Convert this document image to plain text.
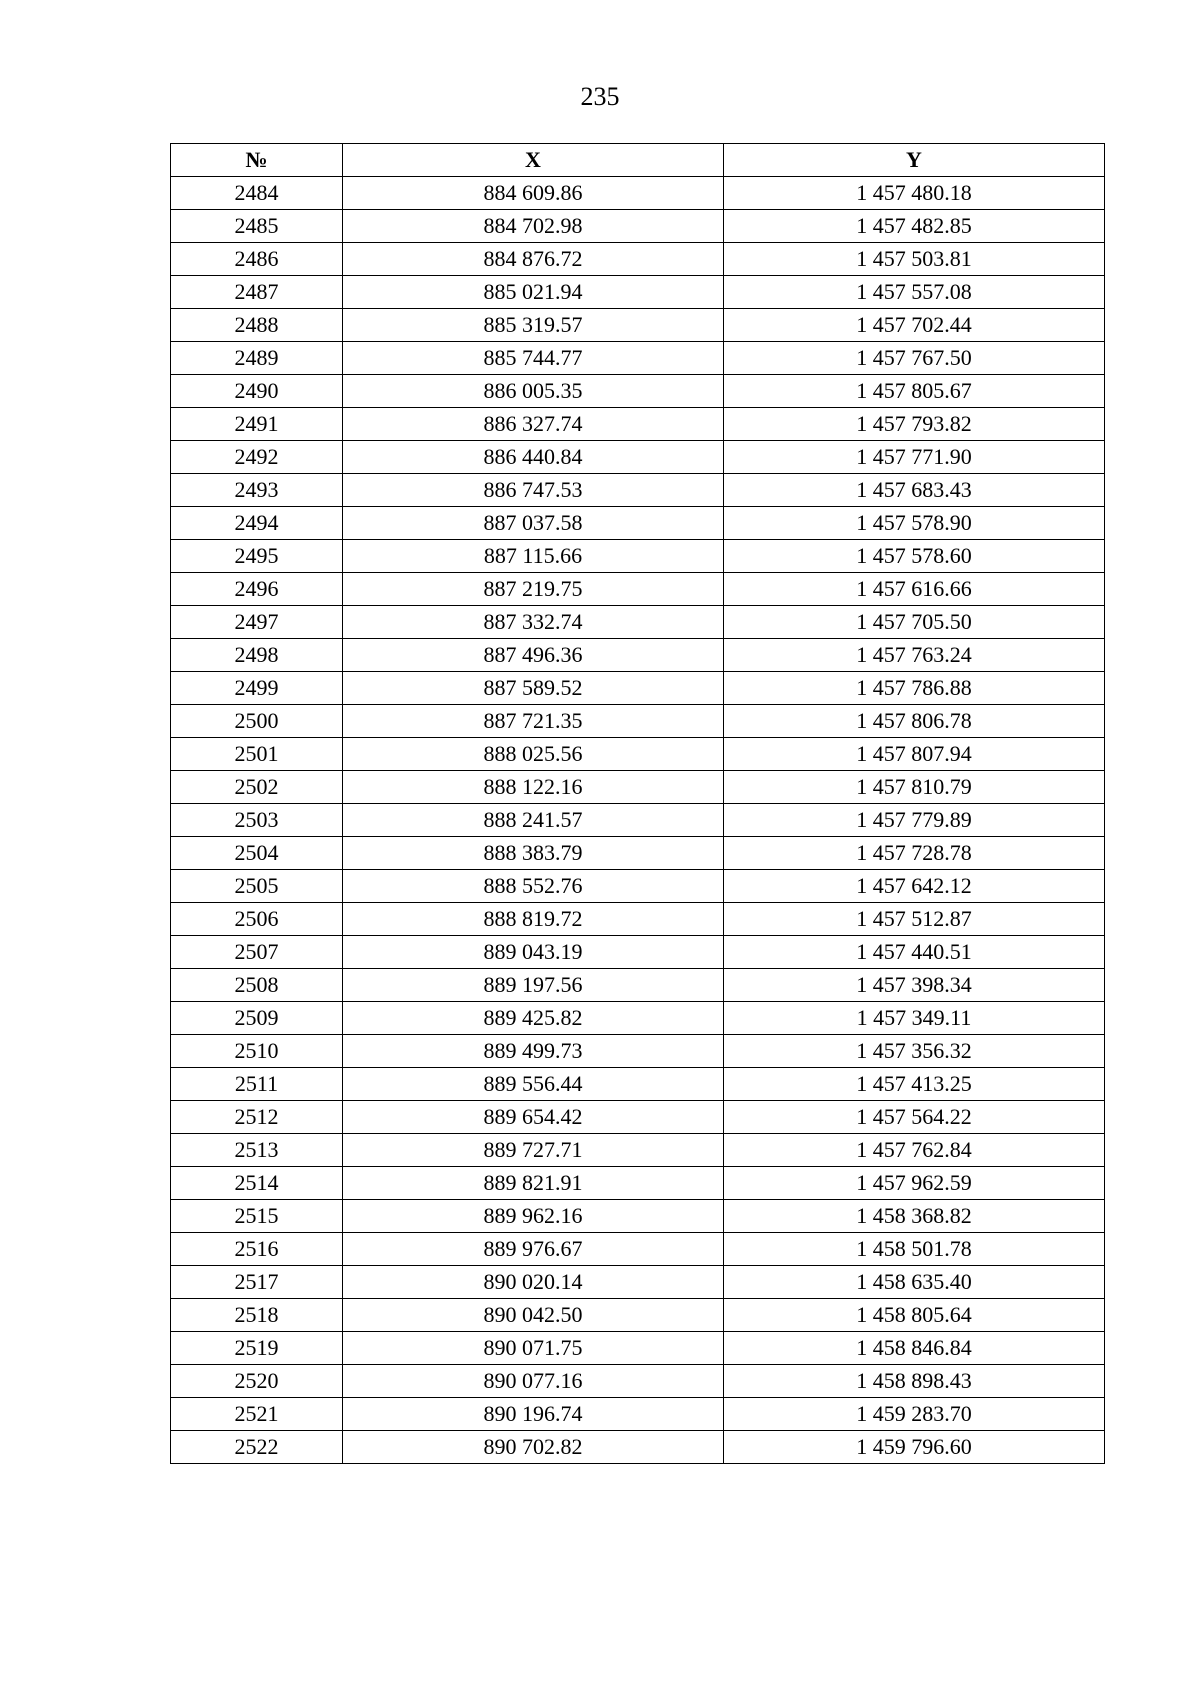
235
№	X	Y
2484	884 609.86	1 457 480.18
2485	884 702.98	1 457 482.85
2486	884 876.72	1 457 503.81
2487	885 021.94	1 457 557.08
2488	885 319.57	1 457 702.44
2489	885 744.77	1 457 767.50
2490	886 005.35	1 457 805.67
2491	886 327.74	1 457 793.82
2492	886 440.84	1 457 771.90
2493	886 747.53	1 457 683.43
2494	887 037.58	1 457 578.90
2495	887 115.66	1 457 578.60
2496	887 219.75	1 457 616.66
2497	887 332.74	1 457 705.50
2498	887 496.36	1 457 763.24
2499	887 589.52	1 457 786.88
2500	887 721.35	1 457 806.78
2501	888 025.56	1 457 807.94
2502	888 122.16	1 457 810.79
2503	888 241.57	1 457 779.89
2504	888 383.79	1 457 728.78
2505	888 552.76	1 457 642.12
2506	888 819.72	1 457 512.87
2507	889 043.19	1 457 440.51
2508	889 197.56	1 457 398.34
2509	889 425.82	1 457 349.11
2510	889 499.73	1 457 356.32
2511	889 556.44	1 457 413.25
2512	889 654.42	1 457 564.22
2513	889 727.71	1 457 762.84
2514	889 821.91	1 457 962.59
2515	889 962.16	1 458 368.82
2516	889 976.67	1 458 501.78
2517	890 020.14	1 458 635.40
2518	890 042.50	1 458 805.64
2519	890 071.75	1 458 846.84
2520	890 077.16	1 458 898.43
2521	890 196.74	1 459 283.70
2522	890 702.82	1 459 796.60
